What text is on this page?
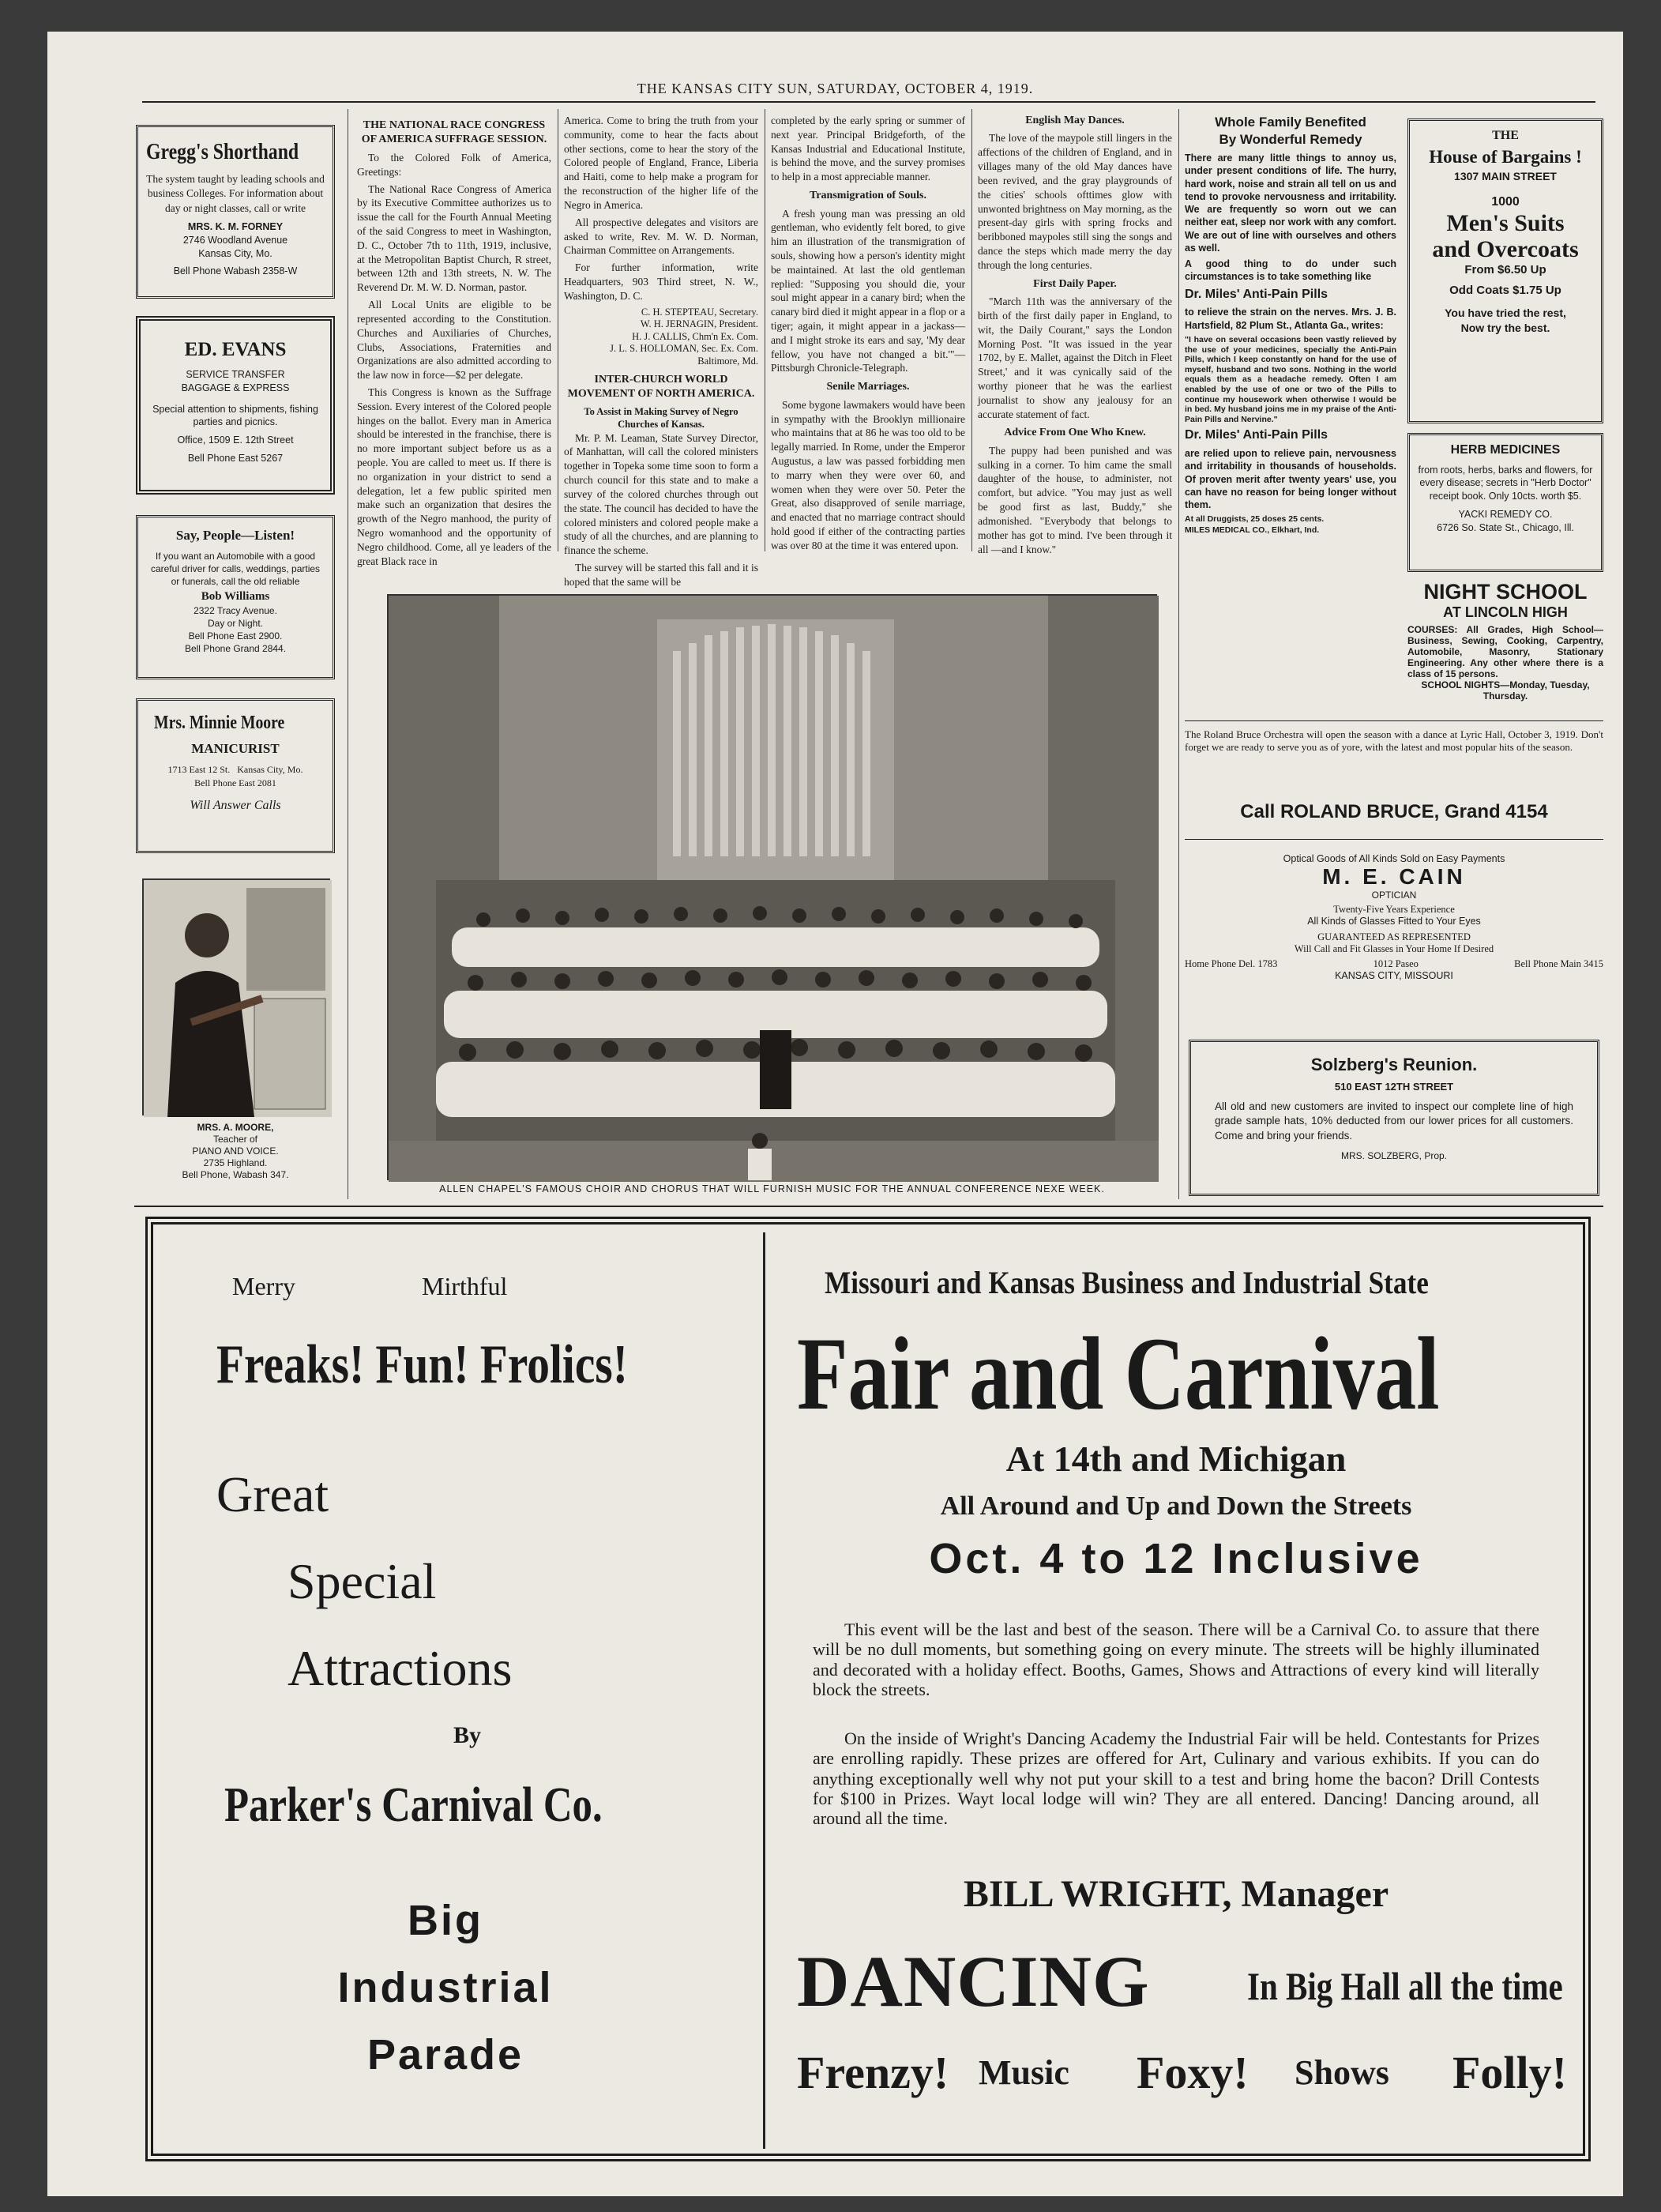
THE KANSAS CITY SUN, SATURDAY, OCTOBER 4, 1919.
Gregg's Shorthand
The system taught by leading schools and business Colleges. For information about day or night classes, call or write
MRS. K. M. FORNEY
2746 Woodland Avenue
Kansas City, Mo.
Bell Phone Wabash 2358-W
ED. EVANS
SERVICE TRANSFER
BAGGAGE & EXPRESS
Special attention to shipments, fishing parties and picnics.
Office, 1509 E. 12th Street
Bell Phone East 5267
Say, People—Listen!
If you want an Automobile with a good careful driver for calls, weddings, parties or funerals, call the old reliable
Bob Williams
2322 Tracy Avenue.
Day or Night.
Bell Phone East 2900.
Bell Phone Grand 2844.
Mrs. Minnie Moore
MANICURIST
1713 East 12 St. Kansas City, Mo.
Bell Phone East 2081
Will Answer Calls
MRS. A. MOORE,
Teacher of
PIANO AND VOICE.
2735 Highland.
Bell Phone, Wabash 347.
THE NATIONAL RACE CONGRESS OF AMERICA SUFFRAGE SESSION.

To the Colored Folk of America, Greetings:

The National Race Congress of America by its Executive Committee authorizes us to issue the call for the Fourth Annual Meeting of the said Congress to meet in Washington, D. C., October 7th to 11th, 1919, inclusive, at the Metropolitan Baptist Church, R street, between 12th and 13th streets, N. W. The Reverend Dr. M. W. D. Norman, pastor.

All Local Units are eligible to be represented according to the Constitution. Churches and Auxiliaries of Churches, Clubs, Associations, Fraternities and Organizations are also admitted according to the law now in force—$2 per delegate.

This Congress is known as the Suffrage Session. Every interest of the Colored people hinges on the ballot. Every man in America should be interested in the franchise, there is no more important subject before us as a people. You are called to meet us. If there is no organization in your district to send a delegation, let a few public spirited men make such an organization that desires the growth of the Negro manhood, the purity of Negro womanhood and the opportunity of Negro childhood. Come, all ye leaders of the great Black race in

America. Come to bring the truth from your community, come to hear the facts about other sections, come to hear the story of the Colored people of England, France, Liberia and Haiti, come to help make a program for the reconstruction of the higher life of the Negro in America.

All prospective delegates and visitors are asked to write, Rev. M. W. D. Norman, Chairman Committee on Arrangements.

For further information, write Headquarters, 903 Third street, N. W., Washington, D. C.

C. H. STEPTEAU, Secretary.
W. H. JERNAGIN, President.
H. J. CALLIS, Chm'n Ex. Com.
J. L. S. HOLLOMAN, Sec. Ex. Com.
Baltimore, Md.
INTER-CHURCH WORLD MOVEMENT OF NORTH AMERICA.
To Assist in Making Survey of Negro Churches of Kansas.

Mr. P. M. Leaman, State Survey Director, of Manhattan, will call the colored ministers together in Topeka some time soon to form a church council for this state and to make a survey of the colored churches through out the state. The council has decided to have the colored ministers and colored people make a study of all the churches, and are planning to finance the scheme.

The survey will be started this fall and it is hoped that the same will be

completed by the early spring or summer of next year. Principal Bridgeforth, of the Kansas Industrial and Educational Institute, is behind the move, and the survey promises to help in a most appreciable manner.

Transmigration of Souls.

A fresh young man was pressing an old gentleman, who evidently felt bored, to give him an illustration of the transmigration of souls, showing how a person's identity might be maintained. At last the old gentleman replied: "Supposing you should die, your soul might appear in a canary bird; when the canary bird died it might appear in a flop or a tiger; again, it might appear in a jackass—and I might stroke its ears and say, 'My dear fellow, you have not changed a bit.'"—Pittsburgh Chronicle-Telegraph.

Senile Marriages.

Some bygone lawmakers would have been in sympathy with the Brooklyn millionaire who maintains that at 86 he was too old to be legally married. In Rome, under the Emperor Augustus, a law was passed forbidding men to marry when they were over 60, and women when they were over 50. Peter the Great, also disapproved of senile marriage, and enacted that no marriage contract should hold good if either of the contracting parties was over 80 at the time it was entered upon.

English May Dances.

The love of the maypole still lingers in the affections of the children of England, and in villages many of the old May dances have been revived, and the gray playgrounds of the cities' schools ofttimes glow with unwonted brightness on May morning, as the present-day girls with spring frocks and beribboned maypoles still sing the songs and dance the steps which made merry the day through the long centuries.

First Daily Paper.

"March 11th was the anniversary of the birth of the first daily paper in England, to wit, the Daily Courant," says the London Morning Post. "It was issued in the year 1702, by E. Mallet, against the Ditch in Fleet Street,' and it was cynically said of the worthy pioneer that he was the earliest journalist to show any jealousy for an accurate statement of fact.

Advice From One Who Knew.

The puppy had been punished and was sulking in a corner. To him came the small daughter of the house, to administer, not comfort, but advice. "You may just as well be good first as last, Buddy," she admonished. "Everybody that belongs to mother has got to mind. I've been through it all —and I know."

ALLEN CHAPEL'S FAMOUS CHOIR AND CHORUS THAT WILL FURNISH MUSIC FOR THE ANNUAL CONFERENCE NEXE WEEK.
Whole Family Benefited
By Wonderful Remedy
There are many little things to annoy us, under present conditions of life. The hurry, hard work, noise and strain all tell on us and tend to provoke nervousness and irritability. We are frequently so worn out we can neither eat, sleep nor work with any comfort. We are out of line with ourselves and others as well.
A good thing to do under such circumstances is to take something like
Dr. Miles' Anti-Pain Pills
to relieve the strain on the nerves. Mrs. J. B. Hartsfield, 82 Plum St., Atlanta Ga., writes:
"I have on several occasions been vastly relieved by the use of your medicines, specially the Anti-Pain Pills, which I keep constantly on hand for the use of myself, husband and two sons. Nothing in the world equals them as a headache remedy. Often I am enabled by the use of one or two of the Pills to continue my housework when otherwise I would be in bed. My husband joins me in my praise of the Anti-Pain Pills and Nervine."
Dr. Miles' Anti-Pain Pills
are relied upon to relieve pain, nervousness and irritability in thousands of households. Of proven merit after twenty years' use, you can have no reason for being longer without them.
At all Druggists, 25 doses 25 cents.
MILES MEDICAL CO., Elkhart, Ind.
THE
House of Bargains !
1307 MAIN STREET
1000
Men's Suits
and Overcoats
From $6.50 Up
Odd Coats $1.75 Up
You have tried the rest,
Now try the best.
HERB MEDICINES
from roots, herbs, barks and flowers, for every disease; secrets in "Herb Doctor" receipt book. Only 10cts. worth $5.
YACKI REMEDY CO.
6726 So. State St., Chicago, Ill.
NIGHT SCHOOL
AT LINCOLN HIGH
COURSES: All Grades, High School—Business, Sewing, Cooking, Carpentry, Automobile, Masonry, Stationary Engineering. Any other where there is a class of 15 persons.
SCHOOL NIGHTS—Monday, Tuesday, Thursday.
The Roland Bruce Orchestra will open the season with a dance at Lyric Hall, October 3, 1919. Don't forget we are ready to serve you as of yore, with the latest and most popular hits of the season.
Call ROLAND BRUCE, Grand 4154
Optical Goods of All Kinds Sold on Easy Payments
M. E. CAIN
OPTICIAN
Twenty-Five Years Experience
All Kinds of Glasses Fitted to Your Eyes
GUARANTEED AS REPRESENTED
Will Call and Fit Glasses in Your Home If Desired
Home Phone Del. 1783	1012 Paseo	Bell Phone Main 3415
KANSAS CITY, MISSOURI
Solzberg's Reunion.
510 EAST 12TH STREET
All old and new customers are invited to inspect our complete line of high grade sample hats, 10% deducted from our lower prices for all customers. Come and bring your friends.
MRS. SOLZBERG, Prop.
Merry	Mirthful
Freaks! Fun! Frolics!
Great
Special
Attractions
By
Parker's Carnival Co.
Big
Industrial
Parade
Missouri and Kansas Business and Industrial State
Fair and Carnival
At 14th and Michigan
All Around and Up and Down the Streets
Oct. 4 to 12 Inclusive
This event will be the last and best of the season. There will be a Carnival Co. to assure that there will be no dull moments, but something going on every minute. The streets will be highly illuminated and decorated with a holiday effect. Booths, Games, Shows and Attractions of every kind will literally block the streets.
On the inside of Wright's Dancing Academy the Industrial Fair will be held. Contestants for Prizes are enrolling rapidly. These prizes are offered for Art, Culinary and various exhibits. If you can do anything exceptionally well why not put your skill to a test and bring home the bacon? Drill Contests for $100 in Prizes. Wayt local lodge will win? They are all entered. Dancing! Dancing around, all around all the time.
BILL WRIGHT, Manager
DANCING In Big Hall all the time
Frenzy! Music Foxy! Shows Folly!
